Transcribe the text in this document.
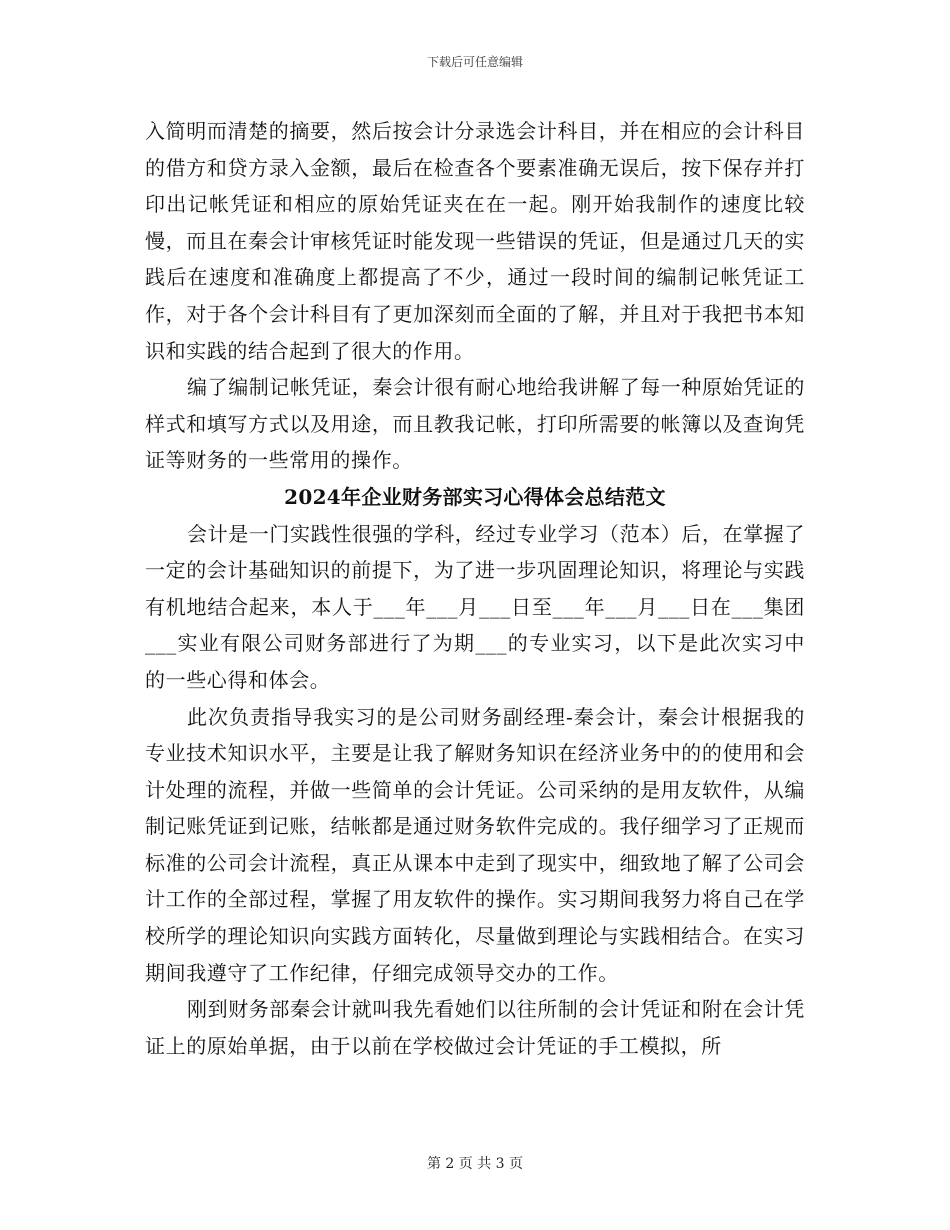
下载后可任意编辑

入简明而清楚的摘要，然后按会计分录选会计科目，并在相应的会计科目的借方和贷方录入金额，最后在检查各个要素准确无误后，按下保存并打印出记帐凭证和相应的原始凭证夹在在一起。刚开始我制作的速度比较慢，而且在秦会计审核凭证时能发现一些错误的凭证，但是通过几天的实践后在速度和准确度上都提高了不少，通过一段时间的编制记帐凭证工作，对于各个会计科目有了更加深刻而全面的了解，并且对于我把书本知识和实践的结合起到了很大的作用。

编了编制记帐凭证，秦会计很有耐心地给我讲解了每一种原始凭证的样式和填写方式以及用途，而且教我记帐，打印所需要的帐簿以及查询凭证等财务的一些常用的操作。

2024年企业财务部实习心得体会总结范文

会计是一门实践性很强的学科，经过专业学习（范本）后，在掌握了一定的会计基础知识的前提下，为了进一步巩固理论知识，将理论与实践有机地结合起来，本人于___年___月___日至___年___月___日在___集团___实业有限公司财务部进行了为期___的专业实习，以下是此次实习中的一些心得和体会。

此次负责指导我实习的是公司财务副经理-秦会计，秦会计根据我的专业技术知识水平，主要是让我了解财务知识在经济业务中的的使用和会计处理的流程，并做一些简单的会计凭证。公司采纳的是用友软件，从编制记账凭证到记账，结帐都是通过财务软件完成的。我仔细学习了正规而标准的公司会计流程，真正从课本中走到了现实中，细致地了解了公司会计工作的全部过程，掌握了用友软件的操作。实习期间我努力将自己在学校所学的理论知识向实践方面转化，尽量做到理论与实践相结合。在实习期间我遵守了工作纪律，仔细完成领导交办的工作。

刚到财务部秦会计就叫我先看她们以往所制的会计凭证和附在会计凭证上的原始单据，由于以前在学校做过会计凭证的手工模拟，所

第 2 页 共 3 页
